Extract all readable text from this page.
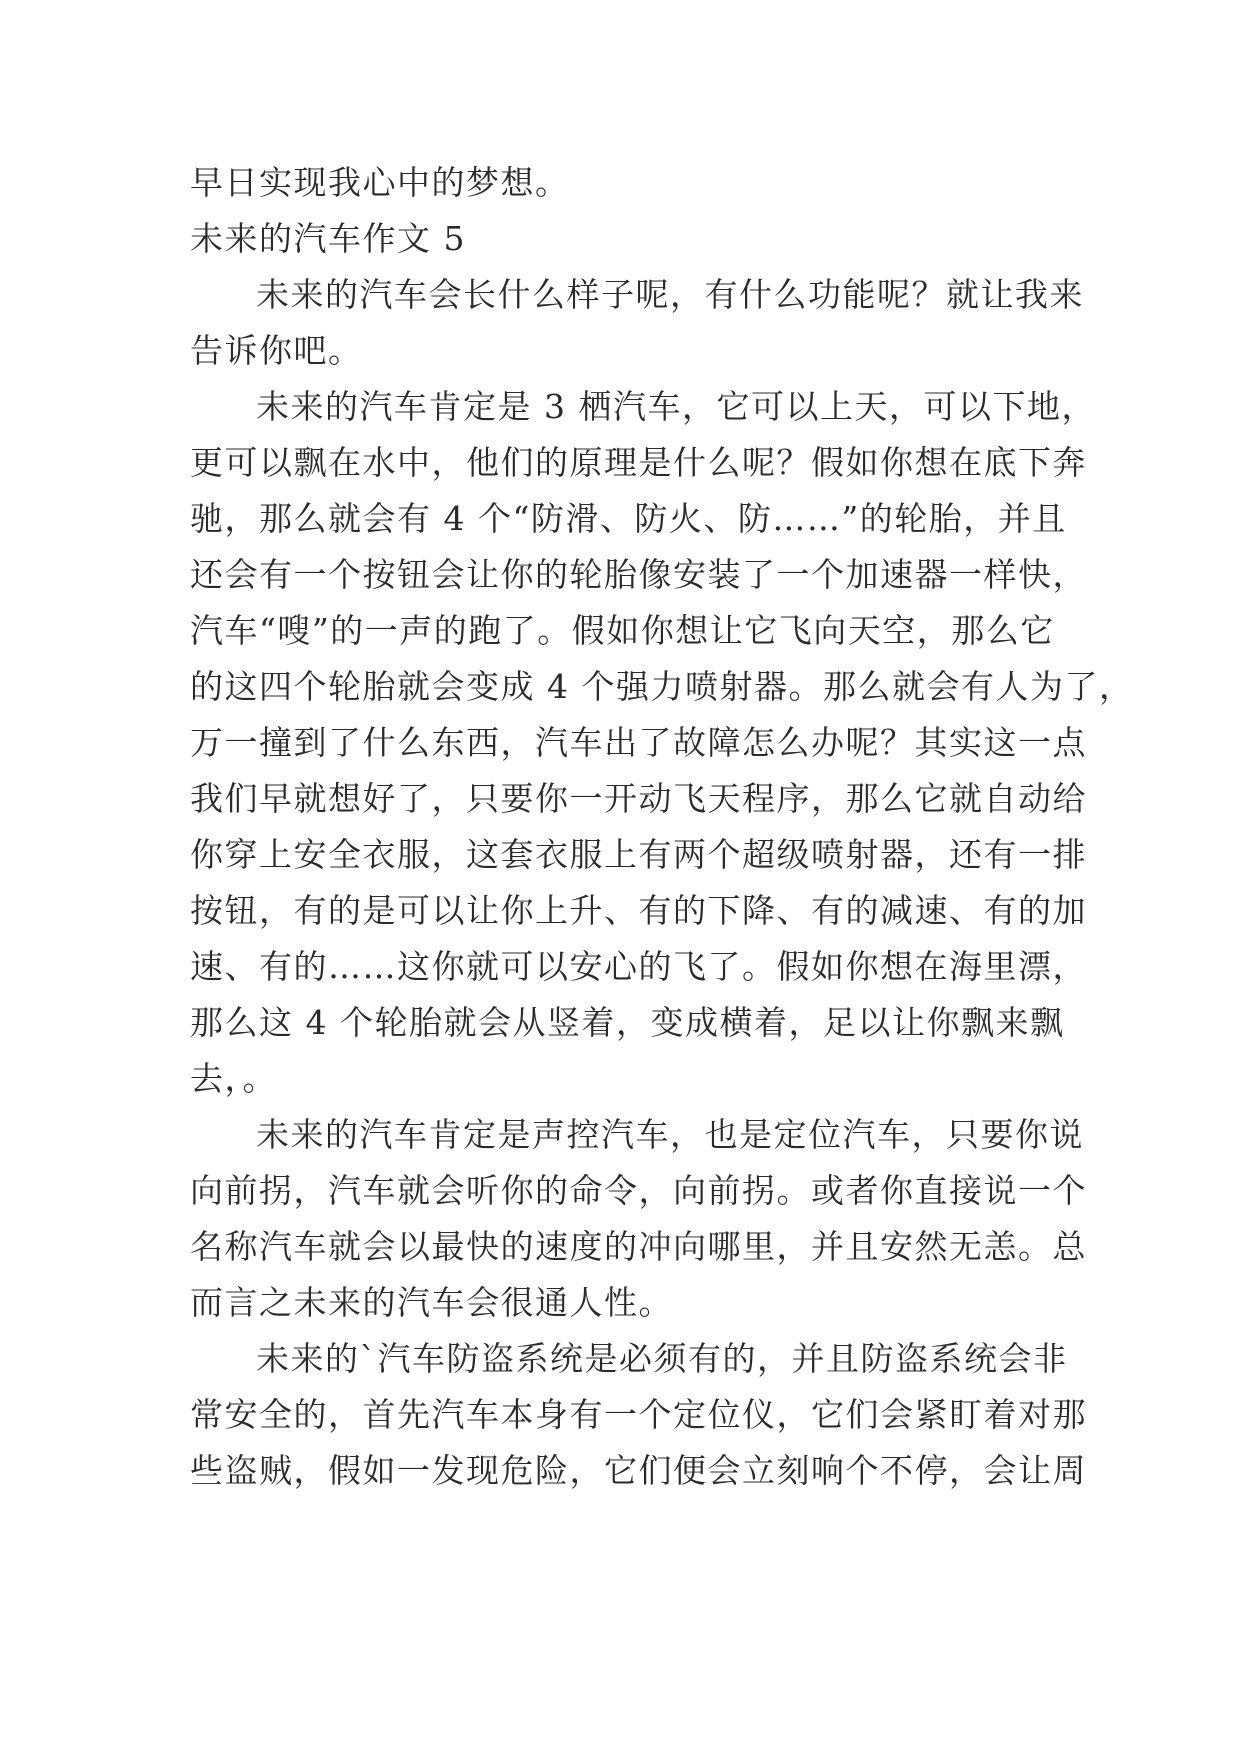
早日实现我心中的梦想。
未来的汽车作文 5
未来的汽车会长什么样子呢，有什么功能呢？就让我来
告诉你吧。
未来的汽车肯定是 3 栖汽车，它可以上天，可以下地，
更可以飘在水中，他们的原理是什么呢？假如你想在底下奔
驰，那么就会有 4 个“防滑、防火、防……”的轮胎，并且
还会有一个按钮会让你的轮胎像安装了一个加速器一样快，
汽车“嗖”的一声的跑了。假如你想让它飞向天空，那么它
的这四个轮胎就会变成 4 个强力喷射器。那么就会有人为了，
万一撞到了什么东西，汽车出了故障怎么办呢？其实这一点
我们早就想好了，只要你一开动飞天程序，那么它就自动给
你穿上安全衣服，这套衣服上有两个超级喷射器，还有一排
按钮，有的是可以让你上升、有的下降、有的减速、有的加
速、有的……这你就可以安心的飞了。假如你想在海里漂，
那么这 4 个轮胎就会从竖着，变成横着，足以让你飘来飘
去，。
未来的汽车肯定是声控汽车，也是定位汽车，只要你说
向前拐，汽车就会听你的命令，向前拐。或者你直接说一个
名称汽车就会以最快的速度的冲向哪里，并且安然无恙。总
而言之未来的汽车会很通人性。
未来的`汽车防盗系统是必须有的，并且防盗系统会非
常安全的，首先汽车本身有一个定位仪，它们会紧盯着对那
些盗贼，假如一发现危险，它们便会立刻响个不停，会让周
